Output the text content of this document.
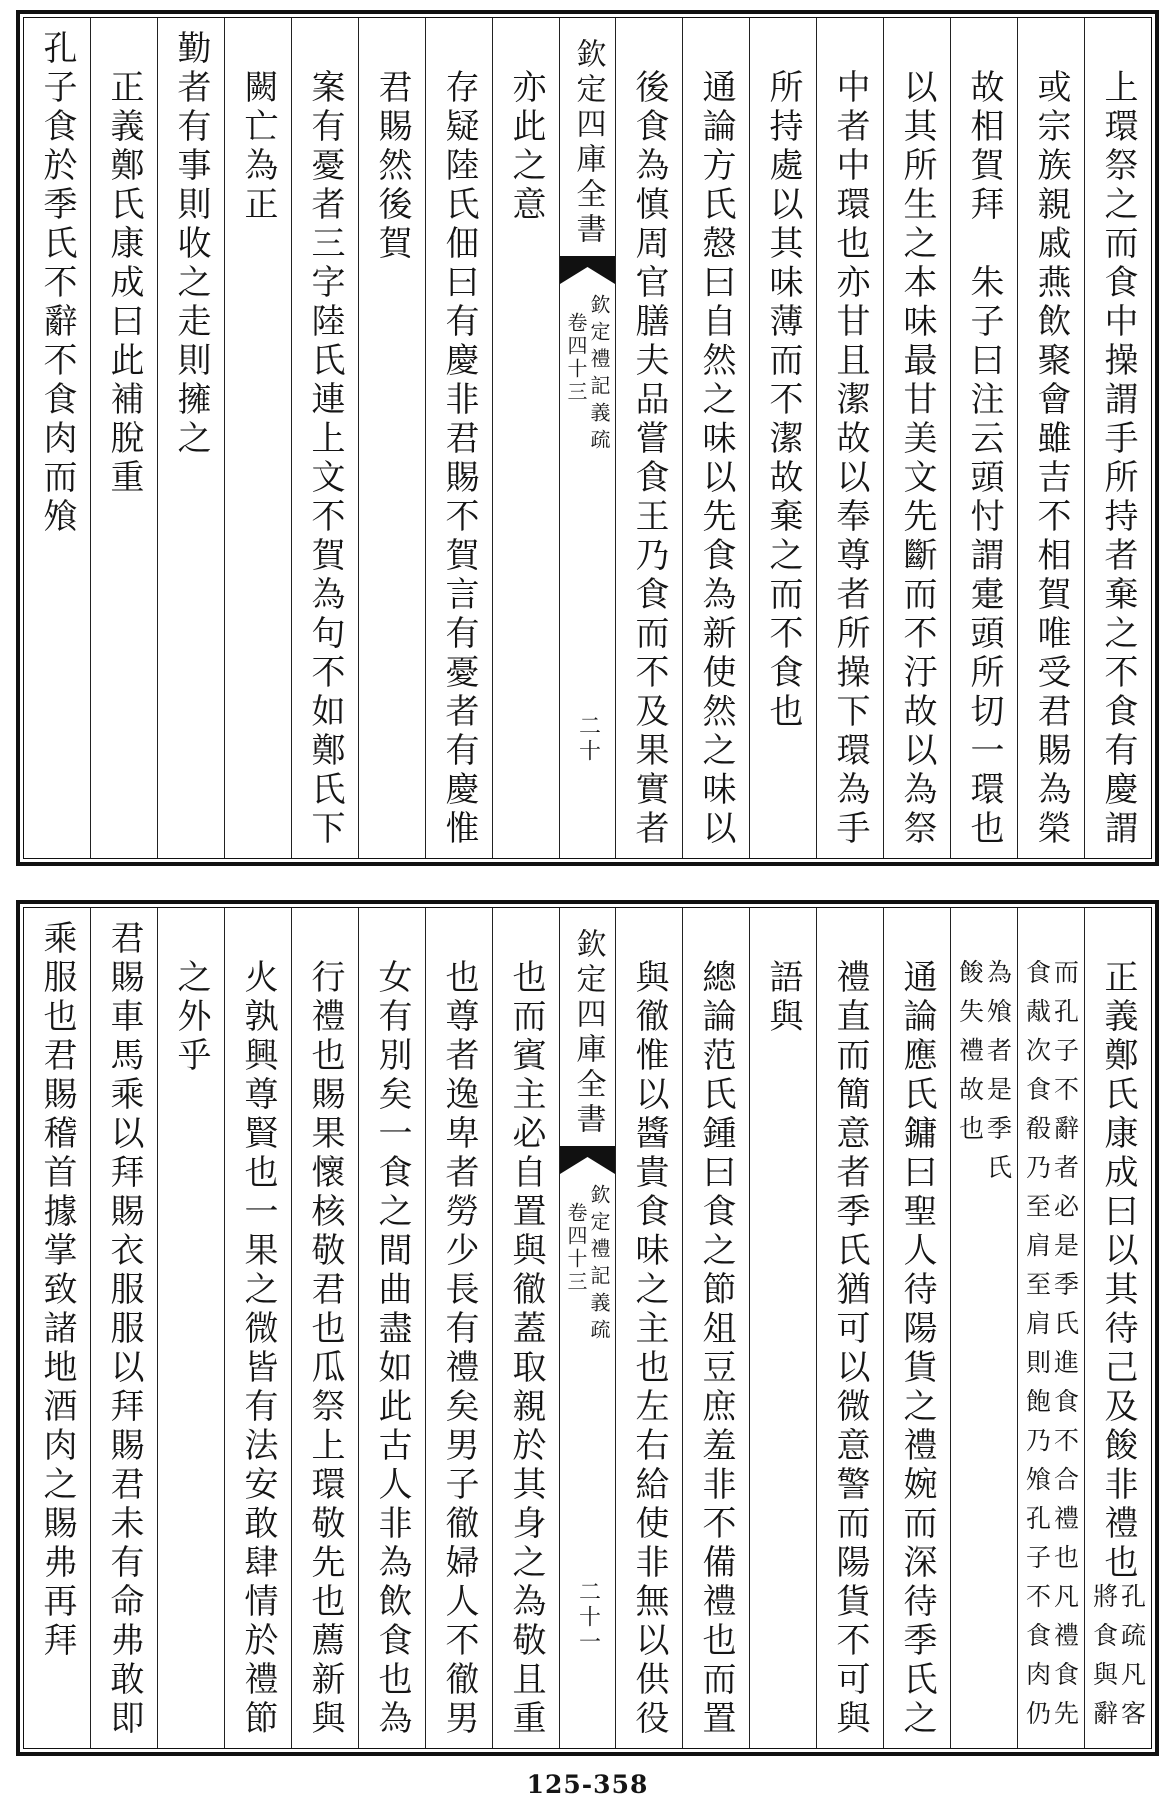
上環祭之而食中操謂手所持者棄之不食有慶謂
或宗族親戚燕飲聚會雖吉不相賀唯受君賜為榮
故相賀拜　朱子曰注云頭忖謂疐頭所切一環也
以其所生之本味最甘美文先斷而不汙故以為祭
中者中環也亦甘且潔故以奉尊者所操下環為手
所持處以其味薄而不潔故棄之而不食也
通論方氏慤曰自然之味以先食為新使然之味以
後食為慎周官膳夫品嘗食王乃食而不及果實者
欽定四庫全書
欽定禮記義疏
卷四十三
二十
亦此之意
存疑陸氏佃曰有慶非君賜不賀言有憂者有慶惟
君賜然後賀
案有憂者三字陸氏連上文不賀為句不如鄭氏下
闕亡為正
勤者有事則收之走則擁之
正義鄭氏康成曰此補脫重
孔子食於季氏不辭不食肉而飧
正義鄭氏康成曰以其待己及餕非禮也
孔疏凡客
將食與辭
而孔子不辭者必是季氏進食不合禮也凡禮食先
食胾次食殽乃至肩至肩則飽乃飧孔子不食肉仍
為飧者是季氏
餕失禮故也
通論應氏鏞曰聖人待陽貨之禮婉而深待季氏之
禮直而簡意者季氏猶可以微意警而陽貨不可與
語與
總論范氏鍾曰食之節俎豆庶羞非不備禮也而置
與徹惟以醬貴食味之主也左右給使非無以供役
欽定四庫全書
欽定禮記義疏
卷四十三
二十一
也而賓主必自置與徹蓋取親於其身之為敬且重
也尊者逸卑者勞少長有禮矣男子徹婦人不徹男
女有別矣一食之間曲盡如此古人非為飲食也為
行禮也賜果懷核敬君也瓜祭上環敬先也薦新與
火孰興尊賢也一果之微皆有法安敢肆情於禮節
之外乎
君賜車馬乘以拜賜衣服服以拜賜君未有命弗敢即
乘服也君賜稽首據掌致諸地酒肉之賜弗再拜
125-358
